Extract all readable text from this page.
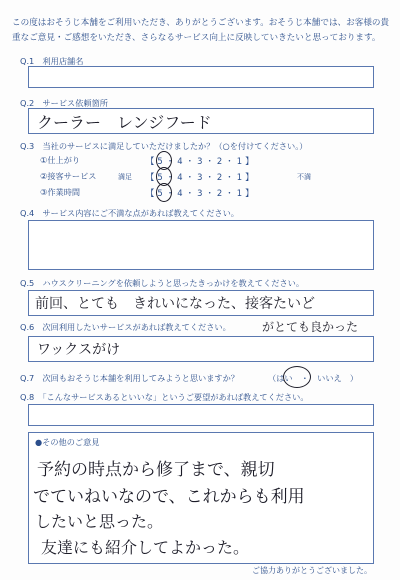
この度はおそうじ本舗をご利用いただき、ありがとうございます。おそうじ本舗では、お客様の貴重なご意見・ご感想をいただき、さらなるサービス向上に反映していきたいと思っております。
Q.1　利用店舗名
Q.2　サービス依頼箇所
クーラー　レンジフード
Q.3　当社のサービスに満足していただけましたか？（○を付けてください。）
①仕上がり	【 5 ・ 4 ・ 3 ・ 2 ・ 1 】
②接客サービス	満足 【 5 ・ 4 ・ 3 ・ 2 ・ 1 】	不満
③作業時間	【 5 ・ 4 ・ 3 ・ 2 ・ 1 】
Q.4　サービス内容にご不満な点があれば教えてください。
Q.5　ハウスクリーニングを依頼しようと思ったきっかけを教えてください。
前回、とても　きれいになった、接客たいど
がとても良かった
Q.6　次回利用したいサービスがあれば教えてください。
ワックスがけ
Q.7　次回もおそうじ本舗を利用してみようと思いますか？	（はい　・　いいえ　）
Q.8　「こんなサービスあるといいな」というご要望があれば教えてください。
●その他のご意見
予約の時点から修了まで、親切
でていねいなので、これからも利用
したいと思った。
友達にも紹介してよかった。
ご協力ありがとうございました。
